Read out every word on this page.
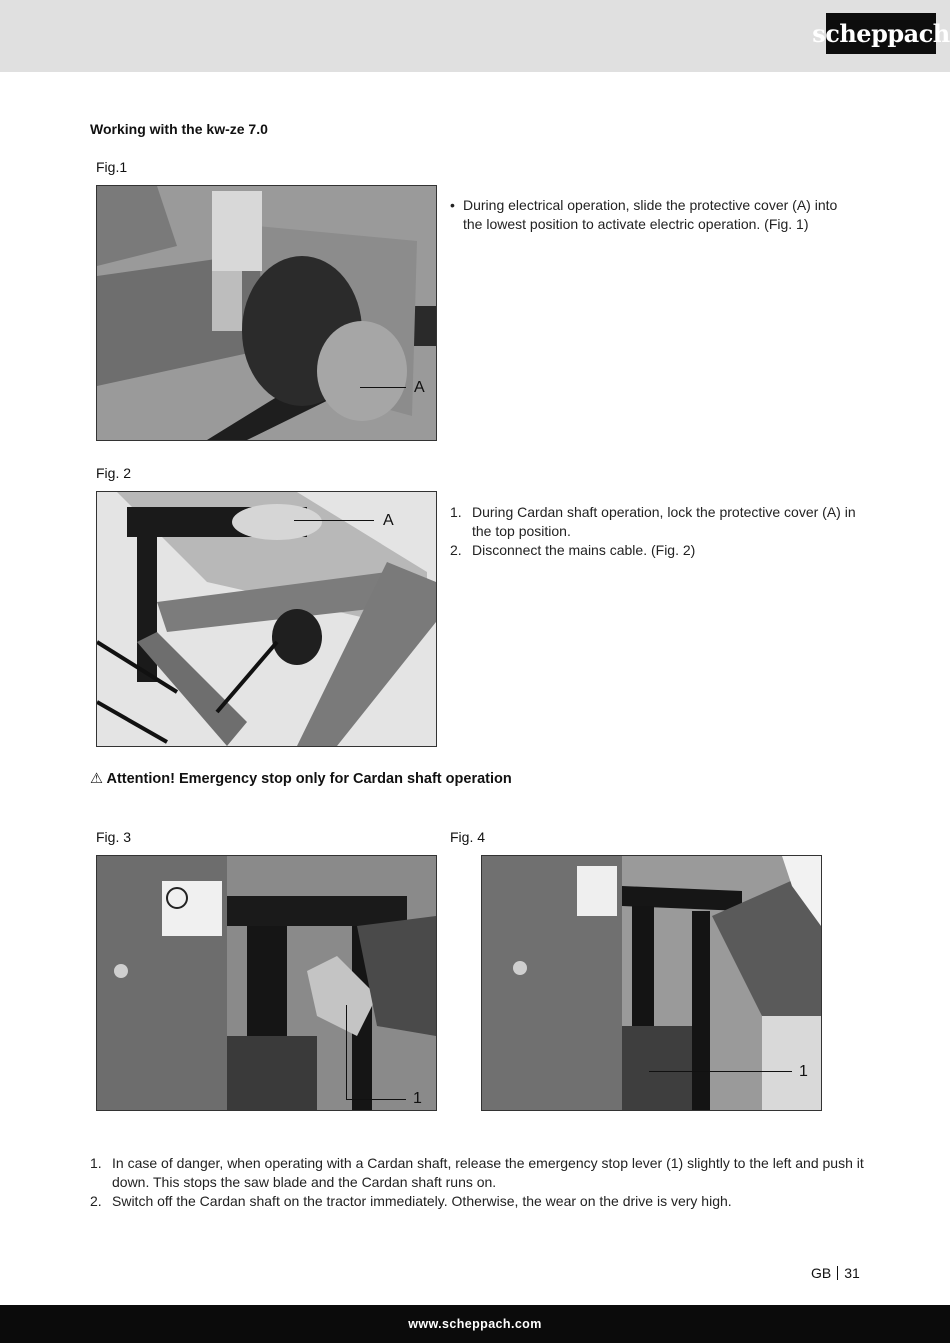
scheppach
Working with the kw-ze 7.0
Fig.1
A
• During electrical operation, slide the protective cover (A) into the lowest position to activate electric operation. (Fig. 1)
Fig. 2
A	1. During Cardan shaft operation, lock the protective cover (A) in the top position.
2. Disconnect the mains cable. (Fig. 2)
⚠ Attention! Emergency stop only for Cardan shaft operation
Fig. 3
1
Fig. 4
1
1. In case of danger, when operating with a Cardan shaft, release the emergency stop lever (1) slightly to the left and push it down. This stops the saw blade and the Cardan shaft runs on.
2. Switch off the Cardan shaft on the tractor immediately. Otherwise, the wear on the drive is very high.
GB 31
www.scheppach.com
